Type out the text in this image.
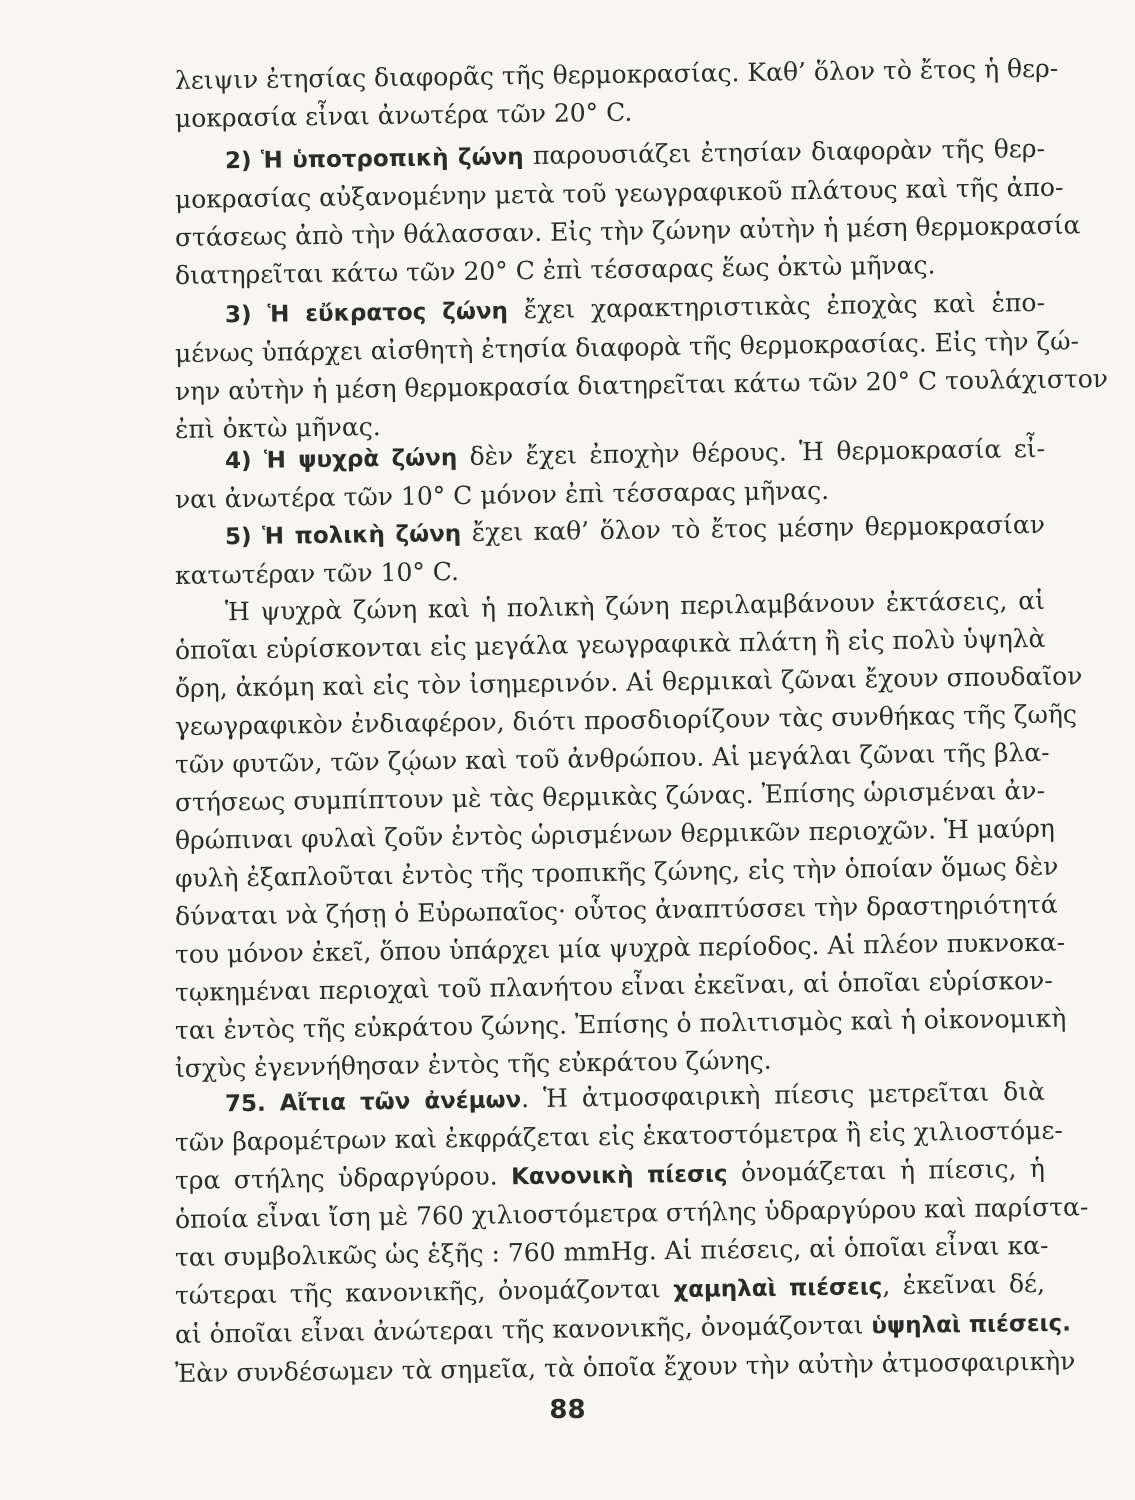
λειψιν ἐτησίας διαφορᾶς τῆς θερμοκρασίας. Καθ’ ὅλον τὸ ἔτος ἡ θερ-
μοκρασία εἶναι ἀνωτέρα τῶν 20° C.
2) Ἡ ὑποτροπικὴ ζώνη παρουσιάζει ἐτησίαν διαφορὰν τῆς θερ-
μοκρασίας αὐξανομένην μετὰ τοῦ γεωγραφικοῦ πλάτους καὶ τῆς ἀπο-
στάσεως ἀπὸ τὴν θάλασσαν. Εἰς τὴν ζώνην αὐτὴν ἡ μέση θερμοκρασία
διατηρεῖται κάτω τῶν 20° C ἐπὶ τέσσαρας ἕως ὀκτὼ μῆνας.
3) Ἡ εὔκρατος ζώνη ἔχει χαρακτηριστικὰς ἐποχὰς καὶ ἑπο-
μένως ὑπάρχει αἰσθητὴ ἐτησία διαφορὰ τῆς θερμοκρασίας. Εἰς τὴν ζώ-
νην αὐτὴν ἡ μέση θερμοκρασία διατηρεῖται κάτω τῶν 20° C τουλάχιστον
ἐπὶ ὀκτὼ μῆνας.
4) Ἡ ψυχρὰ ζώνη δὲν ἔχει ἐποχὴν θέρους. Ἡ θερμοκρασία εἶ-
ναι ἀνωτέρα τῶν 10° C μόνον ἐπὶ τέσσαρας μῆνας.
5) Ἡ πολικὴ ζώνη ἔχει καθ’ ὅλον τὸ ἔτος μέσην θερμοκρασίαν
κατωτέραν τῶν 10° C.
Ἡ ψυχρὰ ζώνη καὶ ἡ πολικὴ ζώνη περιλαμβάνουν ἐκτάσεις, αἱ
ὁποῖαι εὑρίσκονται εἰς μεγάλα γεωγραφικὰ πλάτη ἢ εἰς πολὺ ὑψηλὰ
ὄρη, ἀκόμη καὶ εἰς τὸν ἰσημερινόν. Αἱ θερμικαὶ ζῶναι ἔχουν σπουδαῖον
γεωγραφικὸν ἐνδιαφέρον, διότι προσδιορίζουν τὰς συνθήκας τῆς ζωῆς
τῶν φυτῶν, τῶν ζῴων καὶ τοῦ ἀνθρώπου. Αἱ μεγάλαι ζῶναι τῆς βλα-
στήσεως συμπίπτουν μὲ τὰς θερμικὰς ζώνας. Ἐπίσης ὡρισμέναι ἀν-
θρώπιναι φυλαὶ ζοῦν ἐντὸς ὡρισμένων θερμικῶν περιοχῶν. Ἡ μαύρη
φυλὴ ἐξαπλοῦται ἐντὸς τῆς τροπικῆς ζώνης, εἰς τὴν ὁποίαν ὅμως δὲν
δύναται νὰ ζήσῃ ὁ Εὐρωπαῖος· οὗτος ἀναπτύσσει τὴν δραστηριότητά
του μόνον ἐκεῖ, ὅπου ὑπάρχει μία ψυχρὰ περίοδος. Αἱ πλέον πυκνοκα-
τῳκημέναι περιοχαὶ τοῦ πλανήτου εἶναι ἐκεῖναι, αἱ ὁποῖαι εὑρίσκον-
ται ἐντὸς τῆς εὐκράτου ζώνης. Ἐπίσης ὁ πολιτισμὸς καὶ ἡ οἰκονομικὴ
ἰσχὺς ἐγεννήθησαν ἐντὸς τῆς εὐκράτου ζώνης.
75. Αἴτια τῶν ἀνέμων. Ἡ ἀτμοσφαιρικὴ πίεσις μετρεῖται διὰ
τῶν βαρομέτρων καὶ ἐκφράζεται εἰς ἑκατοστόμετρα ἢ εἰς χιλιοστόμε-
τρα στήλης ὑδραργύρου. Κανονικὴ πίεσις ὀνομάζεται ἡ πίεσις, ἡ
ὁποία εἶναι ἴση μὲ 760 χιλιοστόμετρα στήλης ὑδραργύρου καὶ παρίστα-
ται συμβολικῶς ὡς ἑξῆς : 760 mmHg. Αἱ πιέσεις, αἱ ὁποῖαι εἶναι κα-
τώτεραι τῆς κανονικῆς, ὀνομάζονται χαμηλαὶ πιέσεις, ἐκεῖναι δέ,
αἱ ὁποῖαι εἶναι ἀνώτεραι τῆς κανονικῆς, ὀνομάζονται ὑψηλαὶ πιέσεις.
Ἐὰν συνδέσωμεν τὰ σημεῖα, τὰ ὁποῖα ἔχουν τὴν αὐτὴν ἀτμοσφαιρικὴν
88
